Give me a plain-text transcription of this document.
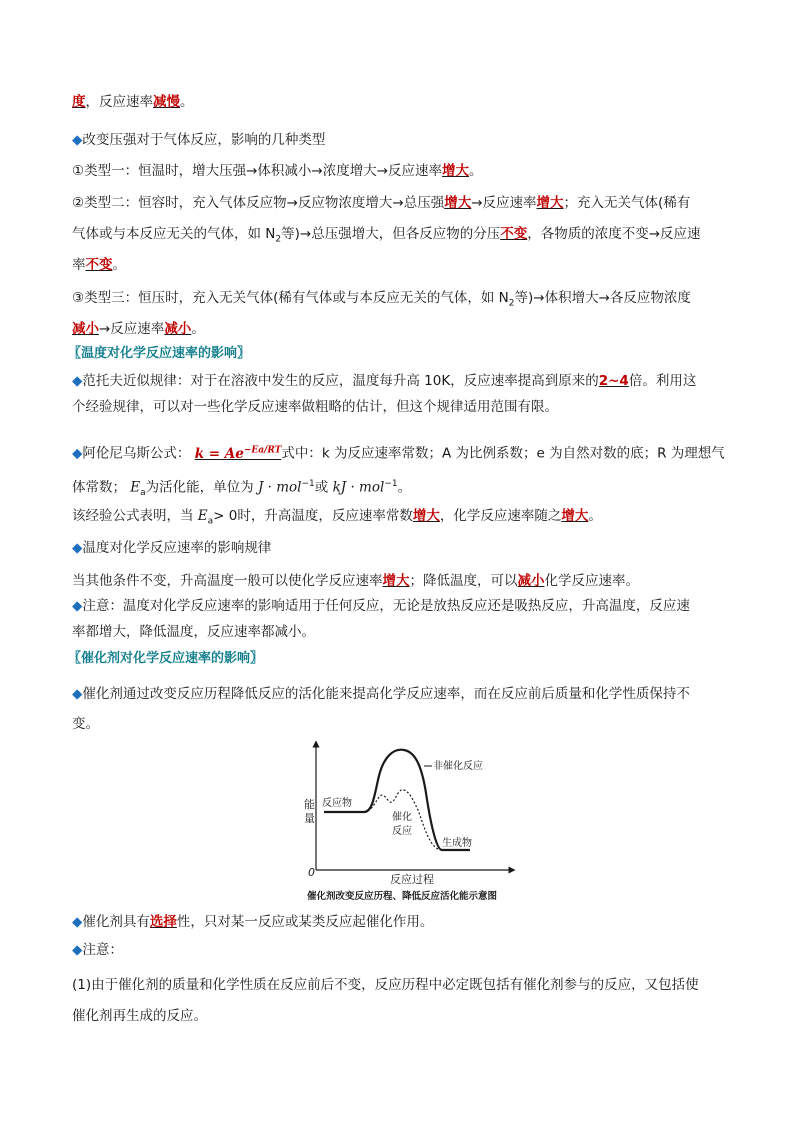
度，反应速率减慢。
◆改变压强对于气体反应，影响的几种类型
①类型一：恒温时，增大压强→体积减小→浓度增大→反应速率增大。
②类型二：恒容时，充入气体反应物→反应物浓度增大→总压强增大→反应速率增大；充入无关气体(稀有
气体或与本反应无关的气体，如 $N_2$等)→总压强增大，但各反应物的分压不变，各物质的浓度不变→反应速
率不变。
③类型三：恒压时，充入无关气体(稀有气体或与本反应无关的气体，如 $N_2$等)→体积增大→各反应物浓度
减小→反应速率减小。
〖温度对化学反应速率的影响〗
◆范托夫近似规律：对于在溶液中发生的反应，温度每升高 10K，反应速率提高到原来的2~4倍。利用这
个经验规律，可以对一些化学反应速率做粗略的估计，但这个规律适用范围有限。
◆阿伦尼乌斯公式： $k = Ae^{-Ea/RT}$式中：k 为反应速率常数；A 为比例系数；e 为自然对数的底；R 为理想气
体常数； $E_a$为活化能，单位为 J · mol$^{-1}$或 kJ · mol$^{-1}$。
该经验公式表明，当 $E_a> 0$时，升高温度，反应速率常数增大，化学反应速率随之增大。
◆温度对化学反应速率的影响规律
当其他条件不变，升高温度一般可以使化学反应速率增大；降低温度，可以减小化学反应速率。
◆注意：温度对化学反应速率的影响适用于任何反应，无论是放热反应还是吸热反应，升高温度，反应速
率都增大，降低温度，反应速率都减小。
〖催化剂对化学反应速率的影响〗
◆催化剂通过改变反应历程降低反应的活化能来提高化学反应速率，而在反应前后质量和化学性质保持不
变。
能
量
0
反应过程
反应物
生成物
非催化反应
催化
反应
催化剂改变反应历程、降低反应活化能示意图
◆催化剂具有选择性，只对某一反应或某类反应起催化作用。
◆注意：
(1)由于催化剂的质量和化学性质在反应前后不变，反应历程中必定既包括有催化剂参与的反应，又包括使
催化剂再生成的反应。
